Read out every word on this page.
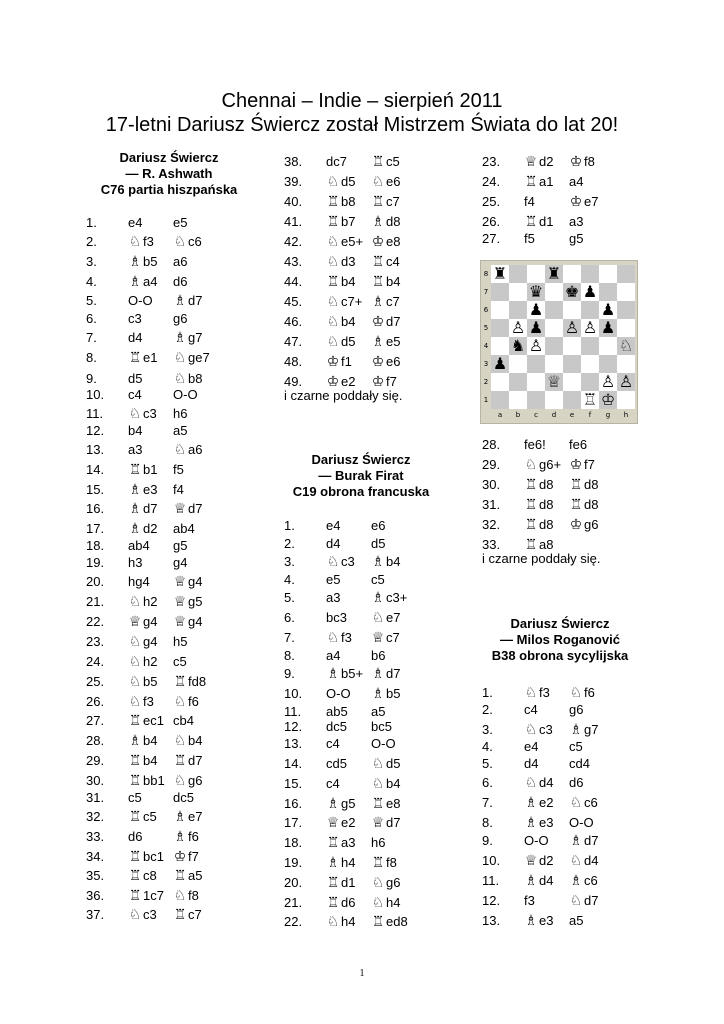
Chennai – Indie – sierpień 2011
17-letni Dariusz Świercz został Mistrzem Świata do lat 20!
Dariusz Świercz
— R. Ashwath
C76 partia hiszpańska
1. e4 e5
2. ♘ f3 ♘ c6
3. ♗ b5 a6
4. ♗ a4 d6
5. O-O ♗ d7
6. c3 g6
7. d4 ♗ g7
8. ♖ e1 ♘ ge7
9. d5 ♘ b8
10. c4 O-O
11. ♘ c3 h6
12. b4 a5
13. a3 ♘ a6
14. ♖ b1 f5
15. ♗ e3 f4
16. ♗ d7 ♕ d7
17. ♗ d2 ab4
18. ab4 g5
19. h3 g4
20. hg4 ♕ g4
21. ♘ h2 ♕ g5
22. ♕ g4 ♕ g4
23. ♘ g4 h5
24. ♘ h2 c5
25. ♘ b5 ♖ fd8
26. ♘ f3 ♘ f6
27. ♖ ec1 cb4
28. ♗ b4 ♘ b4
29. ♖ b4 ♖ d7
30. ♖ bb1 ♘ g6
31. c5 dc5
32. ♖ c5 ♗ e7
33. d6 ♗ f6
34. ♖ bc1 ♔ f7
35. ♖ c8 ♖ a5
36. ♖ 1c7 ♘ f8
37. ♘ c3 ♖ c7
38. dc7 ♖ c5
39. ♘ d5 ♘ e6
40. ♖ b8 ♖ c7
41. ♖ b7 ♗ d8
42. ♘ e5+ ♔ e8
43. ♘ d3 ♖ c4
44. ♖ b4 ♖ b4
45. ♘ c7+ ♗ c7
46. ♘ b4 ♔ d7
47. ♘ d5 ♗ e5
48. ♔ f1 ♔ e6
49. ♔ e2 ♔ f7
i czarne poddały się.
Dariusz Świercz
— Burak Firat
C19 obrona francuska
1. e4 e6
2. d4 d5
3. ♘ c3 ♗ b4
4. e5 c5
5. a3 ♗ c3+
6. bc3 ♘ e7
7. ♘ f3 ♕ c7
8. a4 b6
9. ♗ b5+ ♗ d7
10. O-O ♗ b5
11. ab5 a5
12. dc5 bc5
13. c4 O-O
14. cd5 ♘ d5
15. c4 ♘ b4
16. ♗ g5 ♖ e8
17. ♕ e2 ♕ d7
18. ♖ a3 h6
19. ♗ h4 ♖ f8
20. ♖ d1 ♘ g6
21. ♖ d6 ♘ h4
22. ♘ h4 ♖ ed8
23. ♕ d2 ♔ f8
24. ♖ a1 a4
25. f4 ♔ e7
26. ♖ d1 a3
27. f5	g5
♜ ♜
♛ ♚ ♟
♟	♟
♙ ♟ ♙ ♙ ♟
♞ ♙	♘
♟
♕ ♙ ♙
♖ ♔
8
7
6
5
4
3
2
1
a	b	c	d	e	f	g	h
28. fe6! fe6
29. ♘ g6+ ♔ f7
30. ♖ d8 ♖ d8
31. ♖ d8 ♖ d8
32. ♖ d8 ♔ g6
33. ♖ a8
i czarne poddały się.
Dariusz Świercz
— Milos Roganović
B38 obrona sycylijska
1. ♘ f3 ♘ f6
2. c4 g6
3. ♘ c3 ♗ g7
4. e4 c5
5. d4 cd4
6. ♘ d4 d6
7. ♗ e2 ♘ c6
8. ♗ e3 O-O
9. O-O ♗ d7
10. ♕ d2 ♘ d4
11. ♗ d4 ♗ c6
12. f3 ♘ d7
13. ♗ e3 a5
1
